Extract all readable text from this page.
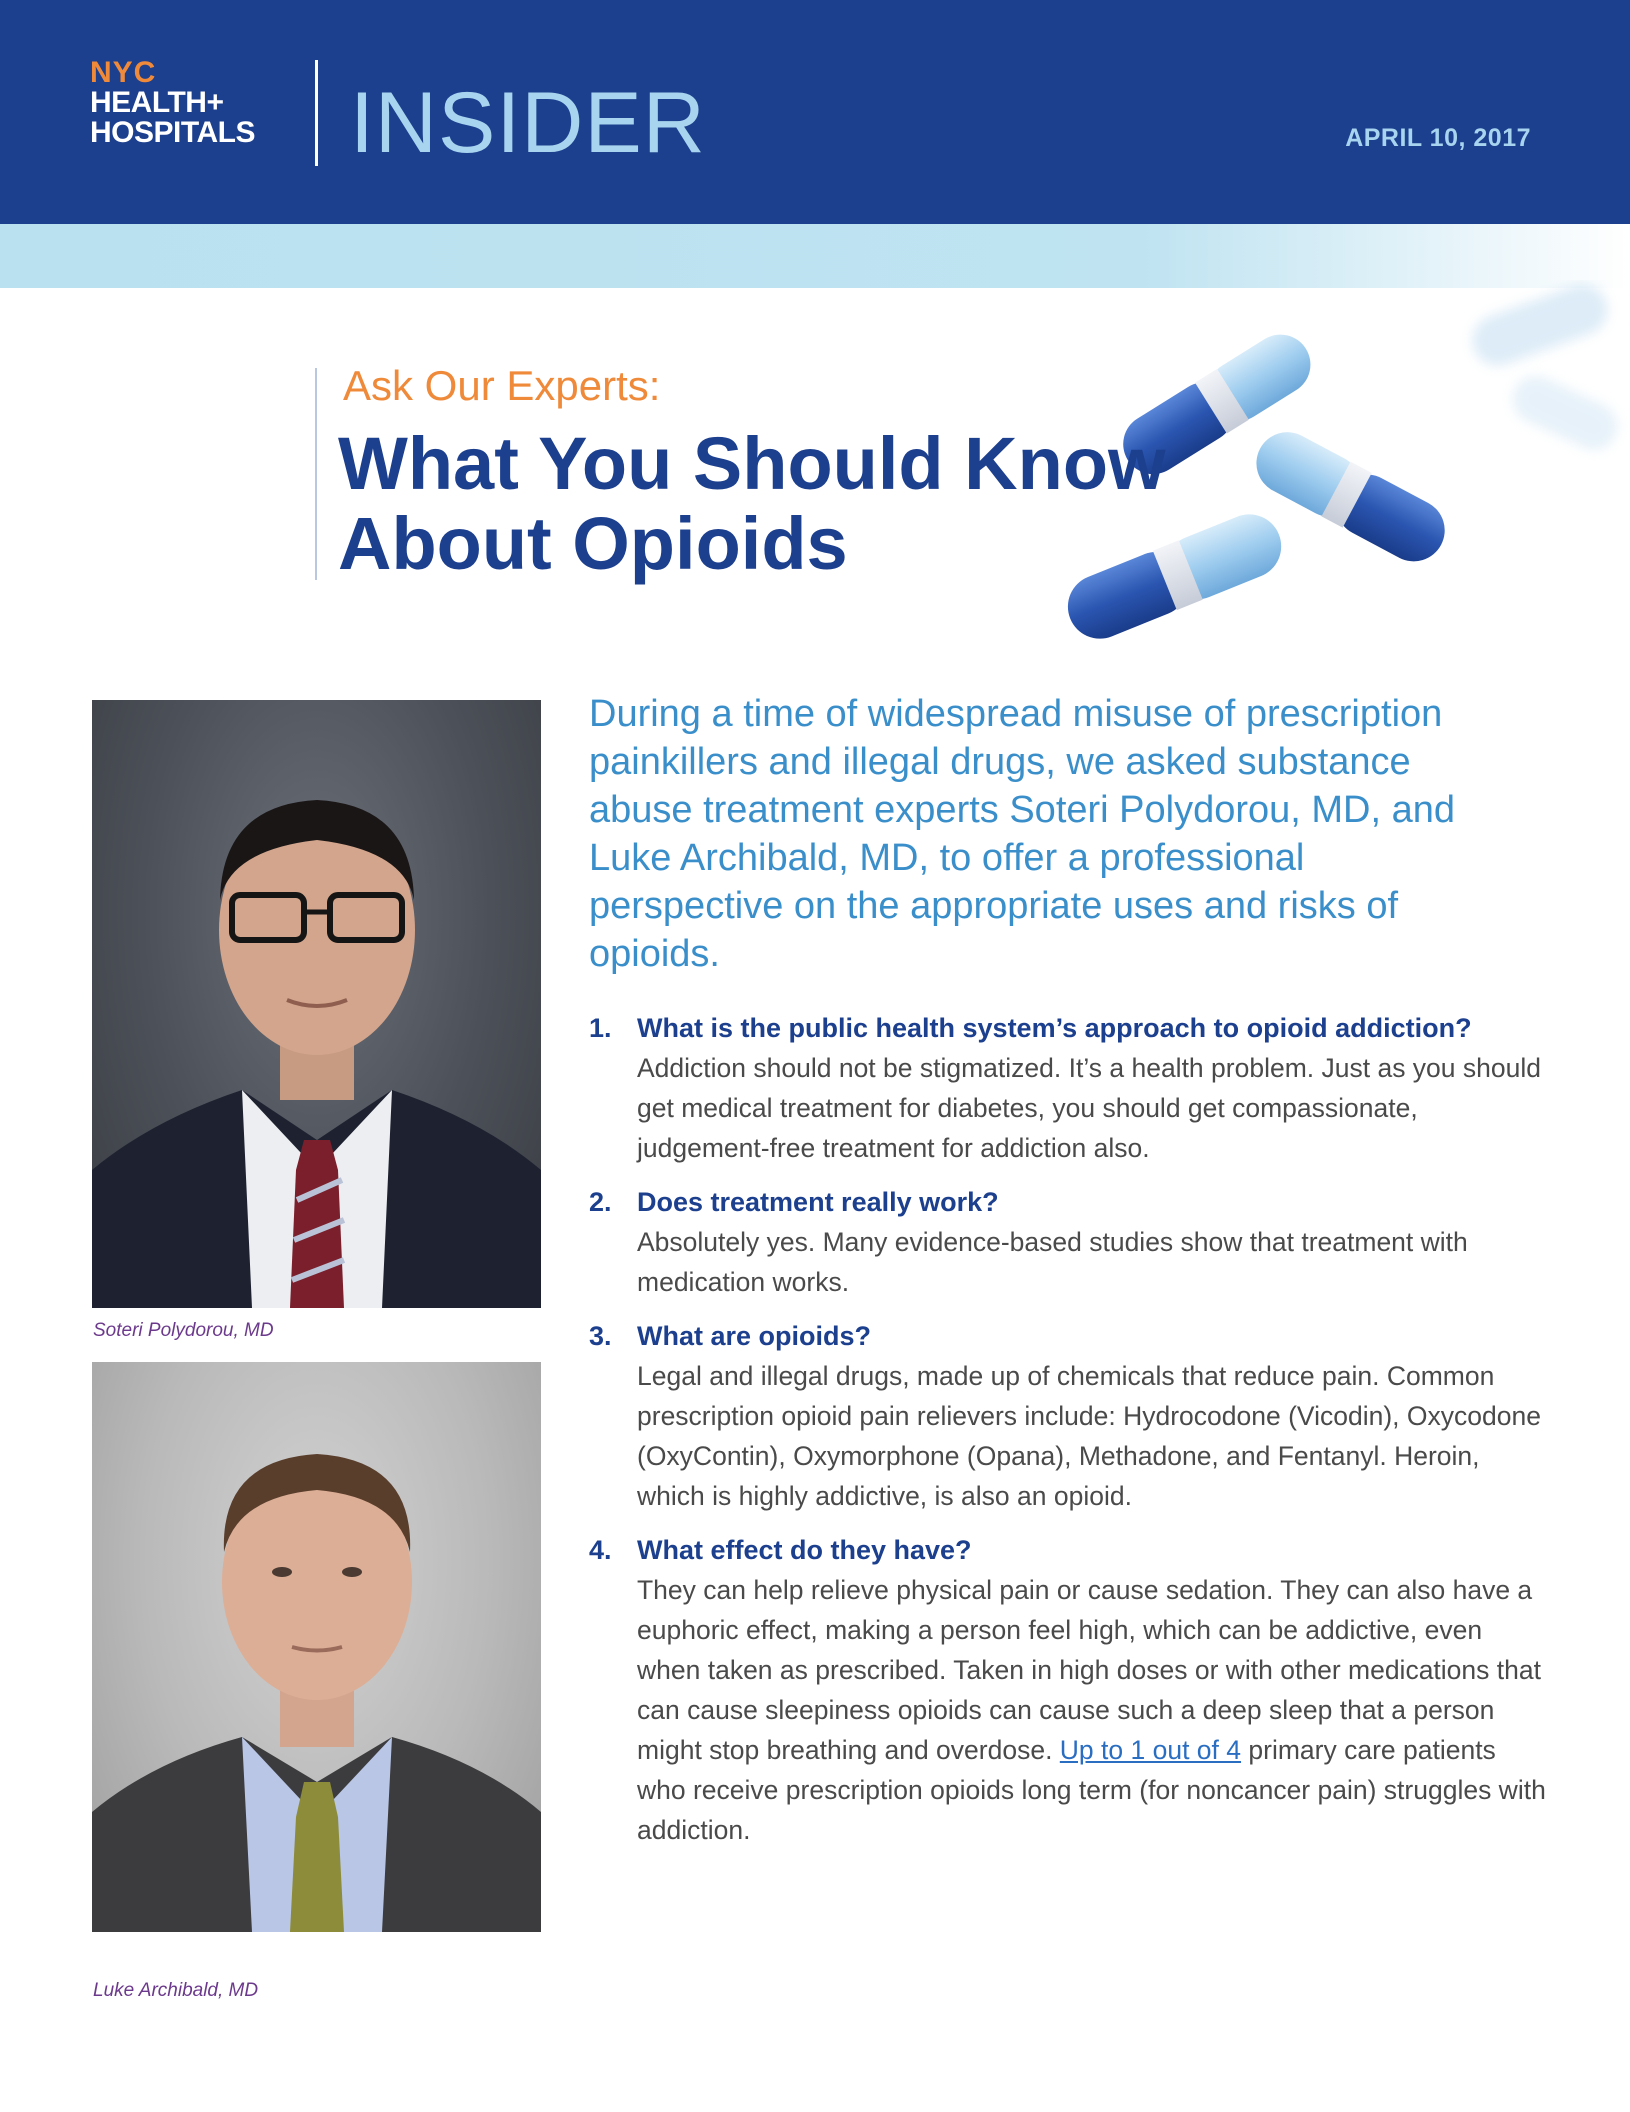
NYC
HEALTH+
HOSPITALS	INSIDER	APRIL 10, 2017
Ask Our Experts:
What You Should Know
About Opioids
Soteri Polydorou, MD
Luke Archibald, MD

During a time of widespread misuse of prescription painkillers and illegal drugs, we asked substance abuse treatment experts Soteri Polydorou, MD, and Luke Archibald, MD, to offer a professional perspective on the appropriate uses and risks of opioids.

1. What is the public health system’s approach to opioid addiction?
Addiction should not be stigmatized. It’s a health problem. Just as you should get medical treatment for diabetes, you should get compassionate, judgement-free treatment for addiction also.
2. Does treatment really work?
Absolutely yes. Many evidence-based studies show that treatment with medication works.
3. What are opioids?
Legal and illegal drugs, made up of chemicals that reduce pain. Common prescription opioid pain relievers include: Hydrocodone (Vicodin), Oxycodone (OxyContin), Oxymorphone (Opana), Methadone, and Fentanyl. Heroin, which is highly addictive, is also an opioid.
4. What effect do they have?
They can help relieve physical pain or cause sedation. They can also have a euphoric effect, making a person feel high, which can be addictive, even when taken as prescribed. Taken in high doses or with other medications that can cause sleepiness opioids can cause such a deep sleep that a person might stop breathing and overdose. Up to 1 out of 4 primary care patients who receive prescription opioids long term (for noncancer pain) struggles with addiction.
